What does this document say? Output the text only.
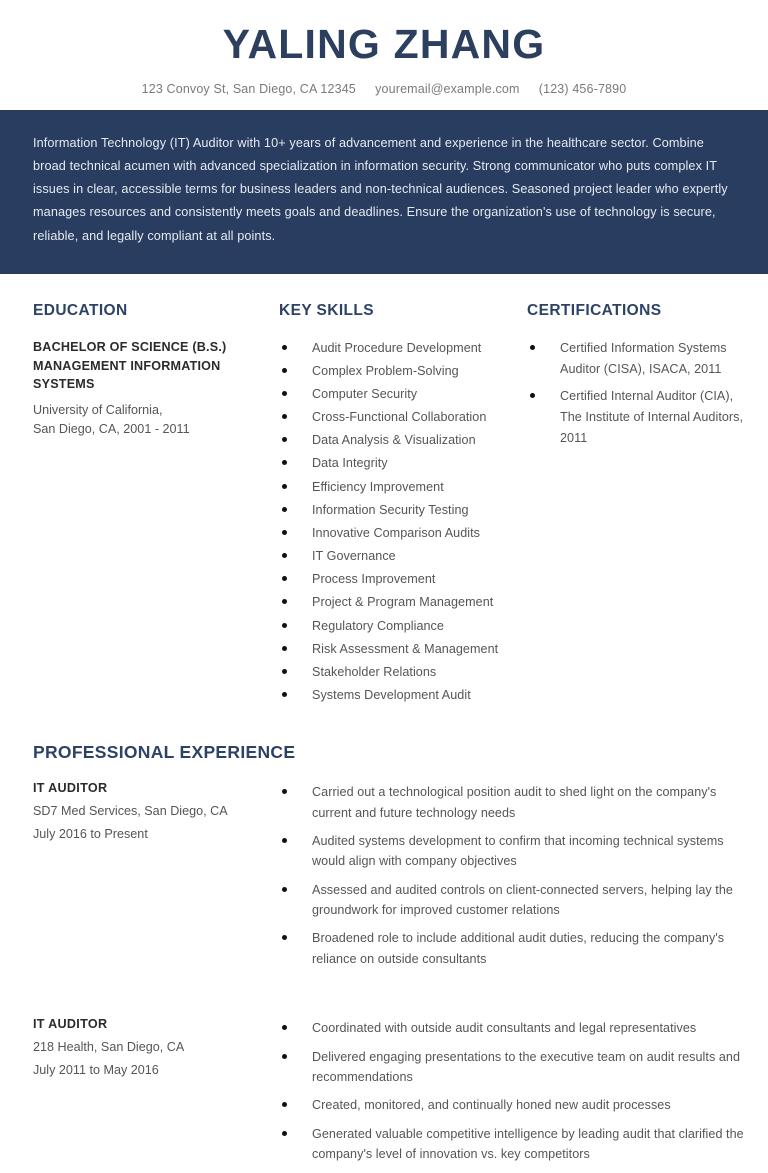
YALING ZHANG
123 Convoy St, San Diego, CA 12345 youremail@example.com (123) 456-7890

Information Technology (IT) Auditor with 10+ years of advancement and experience in the healthcare sector. Combine broad technical acumen with advanced specialization in information security. Strong communicator who puts complex IT issues in clear, accessible terms for business leaders and non-technical audiences. Seasoned project leader who expertly manages resources and consistently meets goals and deadlines. Ensure the organization's use of technology is secure, reliable, and legally compliant at all points.

EDUCATION

BACHELOR OF SCIENCE (B.S.) MANAGEMENT INFORMATION SYSTEMS

University of California,
San Diego, CA, 2001 - 2011

KEY SKILLS
Audit Procedure Development
Complex Problem-Solving
Computer Security
Cross-Functional Collaboration
Data Analysis & Visualization
Data Integrity
Efficiency Improvement
Information Security Testing
Innovative Comparison Audits
IT Governance
Process Improvement
Project & Program Management
Regulatory Compliance
Risk Assessment & Management
Stakeholder Relations
Systems Development Audit
CERTIFICATIONS
Certified Information Systems Auditor (CISA), ISACA, 2011
Certified Internal Auditor (CIA), The Institute of Internal Auditors, 2011
PROFESSIONAL EXPERIENCE

IT AUDITOR

SD7 Med Services, San Diego, CA

July 2016 to Present

Carried out a technological position audit to shed light on the company's current and future technology needs
Audited systems development to confirm that incoming technical systems would align with company objectives
Assessed and audited controls on client-connected servers, helping lay the groundwork for improved customer relations
Broadened role to include additional audit duties, reducing the company's reliance on outside consultants

IT AUDITOR

218 Health, San Diego, CA

July 2011 to May 2016

Coordinated with outside audit consultants and legal representatives
Delivered engaging presentations to the executive team on audit results and recommendations
Created, monitored, and continually honed new audit processes
Generated valuable competitive intelligence by leading audit that clarified the company's level of innovation vs. key competitors
